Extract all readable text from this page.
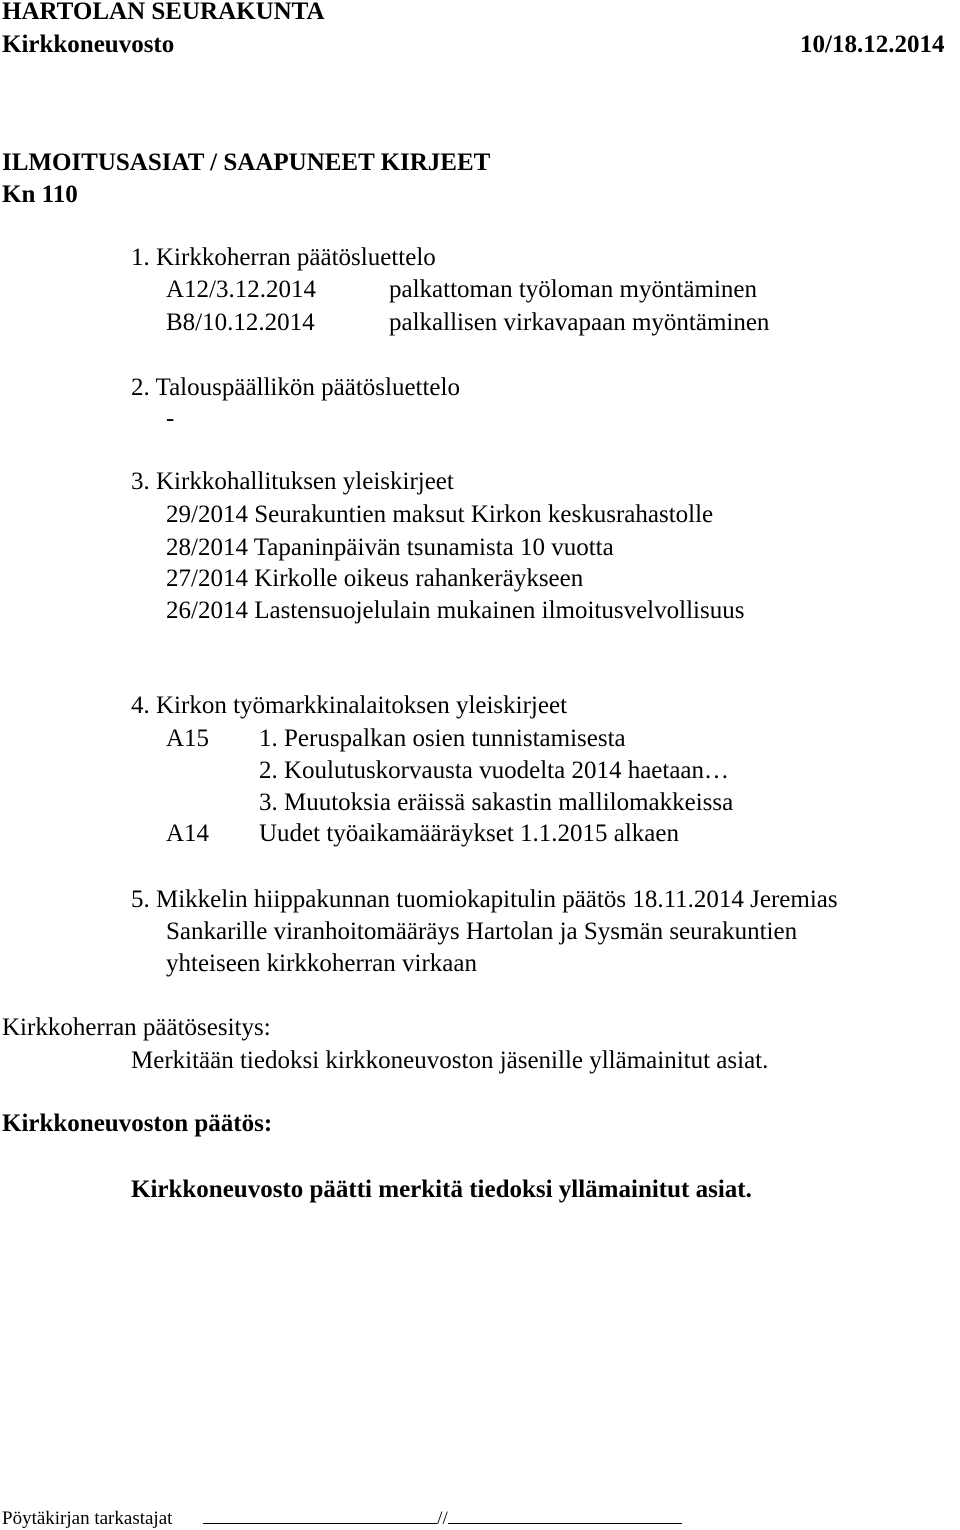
HARTOLAN SEURAKUNTA
Kirkkoneuvosto	10/18.12.2014
ILMOITUSASIAT / SAAPUNEET KIRJEET
Kn 110
1. Kirkkoherran päätösluettelo
A12/3.12.2014	palkattoman työloman myöntäminen
B8/10.12.2014	palkallisen virkavapaan myöntäminen
2. Talouspäällikön päätösluettelo
-
3. Kirkkohallituksen yleiskirjeet
29/2014 Seurakuntien maksut Kirkon keskusrahastolle
28/2014 Tapaninpäivän tsunamista 10 vuotta
27/2014 Kirkolle oikeus rahankeräykseen
26/2014 Lastensuojelulain mukainen ilmoitusvelvollisuus
4. Kirkon työmarkkinalaitoksen yleiskirjeet
A15 1. Peruspalkan osien tunnistamisesta
2. Koulutuskorvausta vuodelta 2014 haetaan…
3. Muutoksia eräissä sakastin mallilomakkeissa
A14 Uudet työaikamääräykset 1.1.2015 alkaen
5. Mikkelin hiippakunnan tuomiokapitulin päätös 18.11.2014 Jeremias
Sankarille viranhoitomääräys Hartolan ja Sysmän seurakuntien
yhteiseen kirkkoherran virkaan
Kirkkoherran päätösesitys:
Merkitään tiedoksi kirkkoneuvoston jäsenille yllämainitut asiat.
Kirkkoneuvoston päätös:
Kirkkoneuvosto päätti merkitä tiedoksi yllämainitut asiat.
Pöytäkirjan tarkastajat	//
